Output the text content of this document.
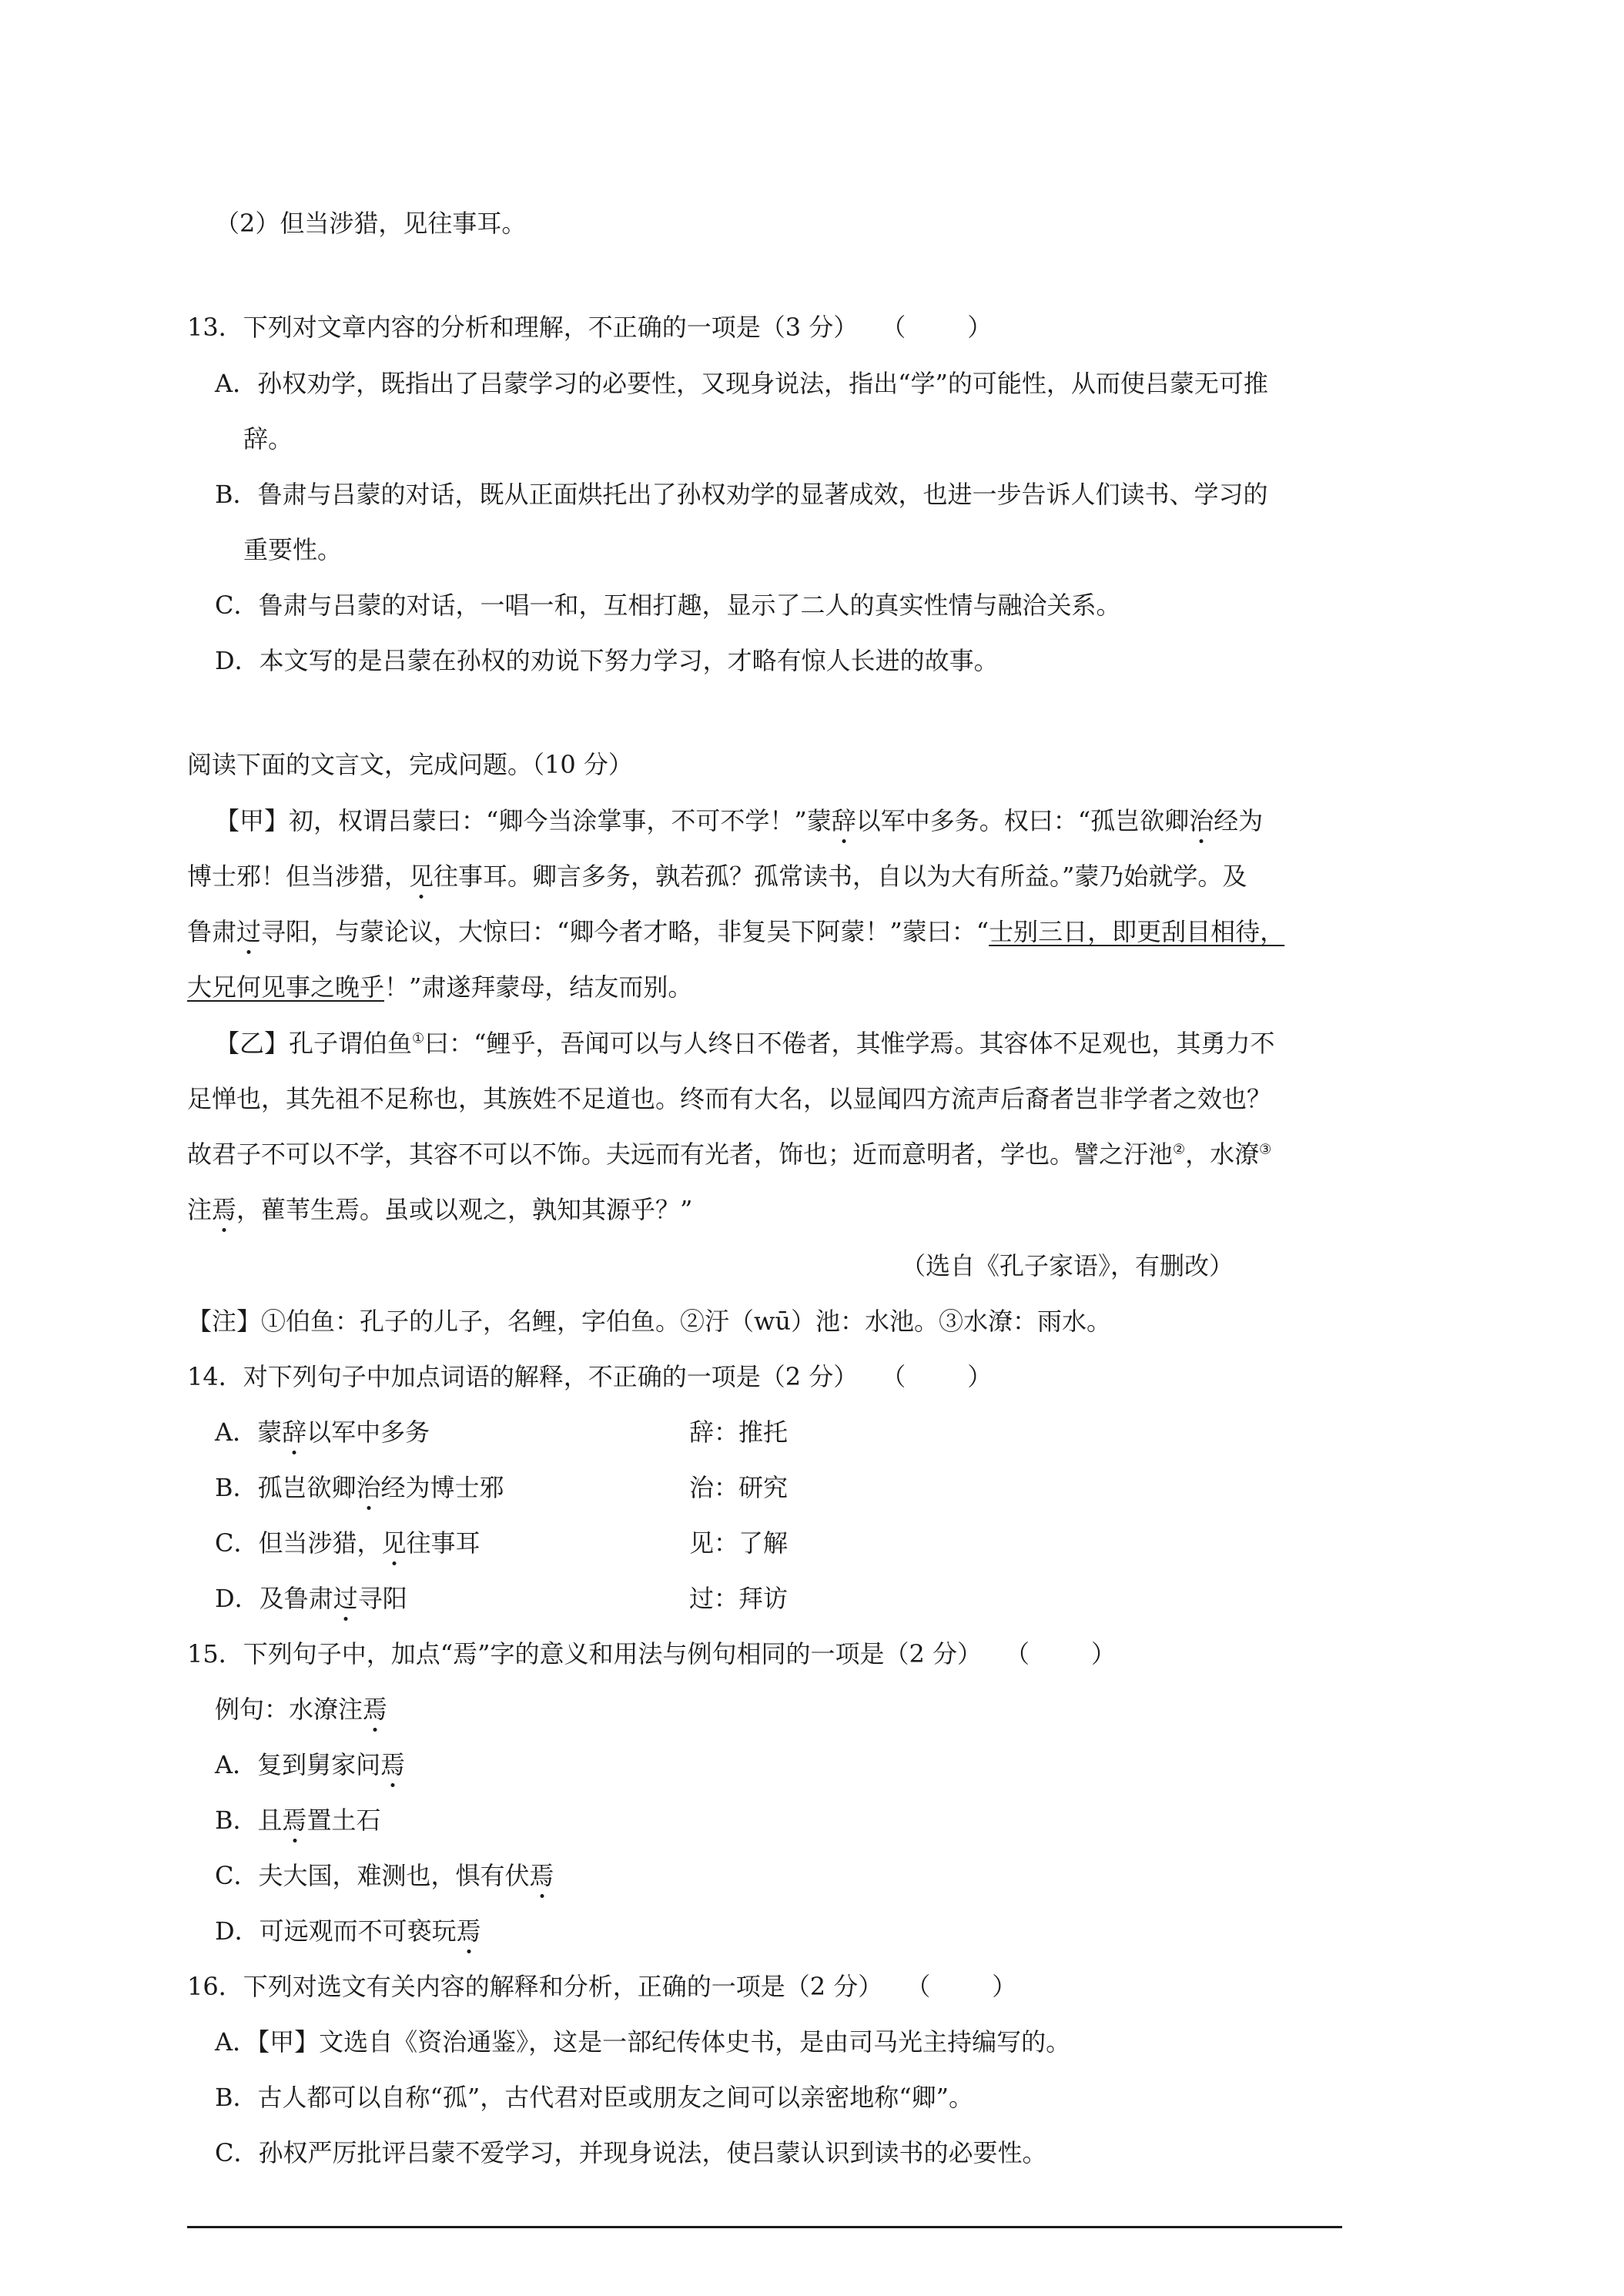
（2）但当涉猎，见往事耳。
13．下列对文章内容的分析和理解，不正确的一项是（3 分） （	）
A．孙权劝学，既指出了吕蒙学习的必要性，又现身说法，指出“学”的可能性，从而使吕蒙无可推
辞。
B．鲁肃与吕蒙的对话，既从正面烘托出了孙权劝学的显著成效，也进一步告诉人们读书、学习的
重要性。
C．鲁肃与吕蒙的对话，一唱一和，互相打趣，显示了二人的真实性情与融洽关系。
D．本文写的是吕蒙在孙权的劝说下努力学习，才略有惊人长进的故事。
阅读下面的文言文，完成问题。（10 分）
【甲】初，权谓吕蒙曰：“卿今当涂掌事，不可不学！”蒙辞以军中多务。权曰：“孤岂欲卿治经为
博士邪！但当涉猎，见往事耳。卿言多务，孰若孤？孤常读书，自以为大有所益。”蒙乃始就学。及
鲁肃过寻阳，与蒙论议，大惊曰：“卿今者才略，非复吴下阿蒙！”蒙曰：“士别三日，即更刮目相待，
大兄何见事之晚乎！”肃遂拜蒙母，结友而别。
【乙】孔子谓伯鱼①曰：“鲤乎，吾闻可以与人终日不倦者，其惟学焉。其容体不足观也，其勇力不
足惮也，其先祖不足称也，其族姓不足道也。终而有大名，以显闻四方流声后裔者岂非学者之效也？
故君子不可以不学，其容不可以不饰。夫远而有光者，饰也；近而意明者，学也。譬之汙池②，水潦③
注焉，雚苇生焉。虽或以观之，孰知其源乎？”
（选自《孔子家语》，有删改）
【注】①伯鱼：孔子的儿子，名鲤，字伯鱼。②汙（wū）池：水池。③水潦：雨水。
14．对下列句子中加点词语的解释，不正确的一项是（2 分） （	）
A．蒙辞以军中多务	辞：推托
B．孤岂欲卿治经为博士邪	治：研究
C．但当涉猎，见往事耳	见：了解
D．及鲁肃过寻阳	过：拜访
15．下列句子中，加点“焉”字的意义和用法与例句相同的一项是（2 分） （	）
例句：水潦注焉
A．复到舅家问焉
B．且焉置土石
C．夫大国，难测也，惧有伏焉
D．可远观而不可亵玩焉
16．下列对选文有关内容的解释和分析，正确的一项是（2 分） （	）
A．【甲】文选自《资治通鉴》，这是一部纪传体史书，是由司马光主持编写的。
B．古人都可以自称“孤”，古代君对臣或朋友之间可以亲密地称“卿”。
C．孙权严厉批评吕蒙不爱学习，并现身说法，使吕蒙认识到读书的必要性。
